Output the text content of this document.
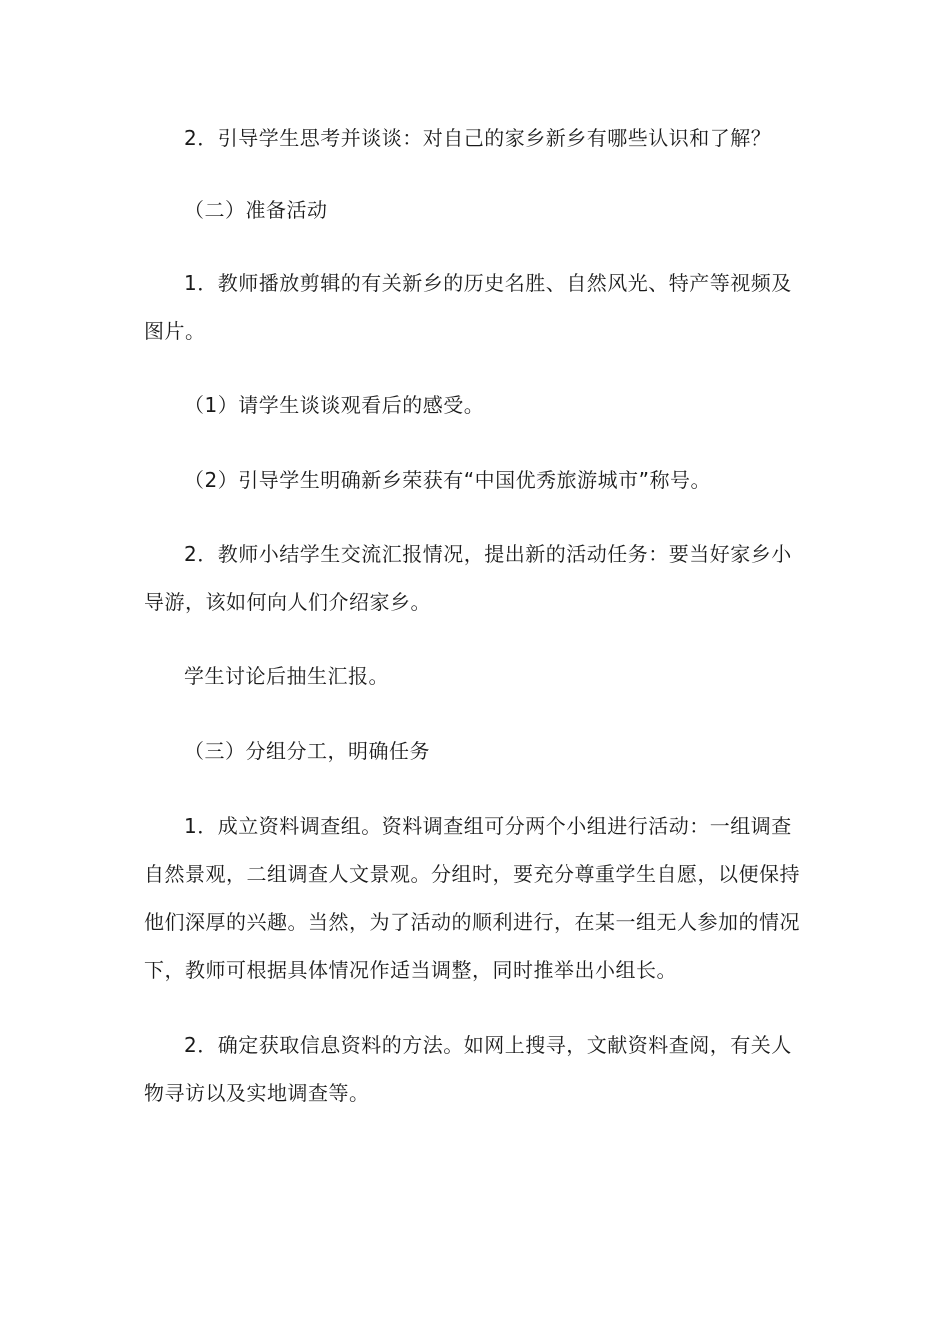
2．引导学生思考并谈谈：对自己的家乡新乡有哪些认识和了解？

（二）准备活动

1．教师播放剪辑的有关新乡的历史名胜、自然风光、特产等视频及图片。

（1）请学生谈谈观看后的感受。

（2）引导学生明确新乡荣获有“中国优秀旅游城市”称号。

2．教师小结学生交流汇报情况，提出新的活动任务：要当好家乡小导游，该如何向人们介绍家乡。

学生讨论后抽生汇报。

（三）分组分工，明确任务

1．成立资料调查组。资料调查组可分两个小组进行活动：一组调查自然景观，二组调查人文景观。分组时，要充分尊重学生自愿，以便保持他们深厚的兴趣。当然，为了活动的顺利进行，在某一组无人参加的情况下，教师可根据具体情况作适当调整，同时推举出小组长。

2．确定获取信息资料的方法。如网上搜寻，文献资料查阅，有关人物寻访以及实地调查等。
